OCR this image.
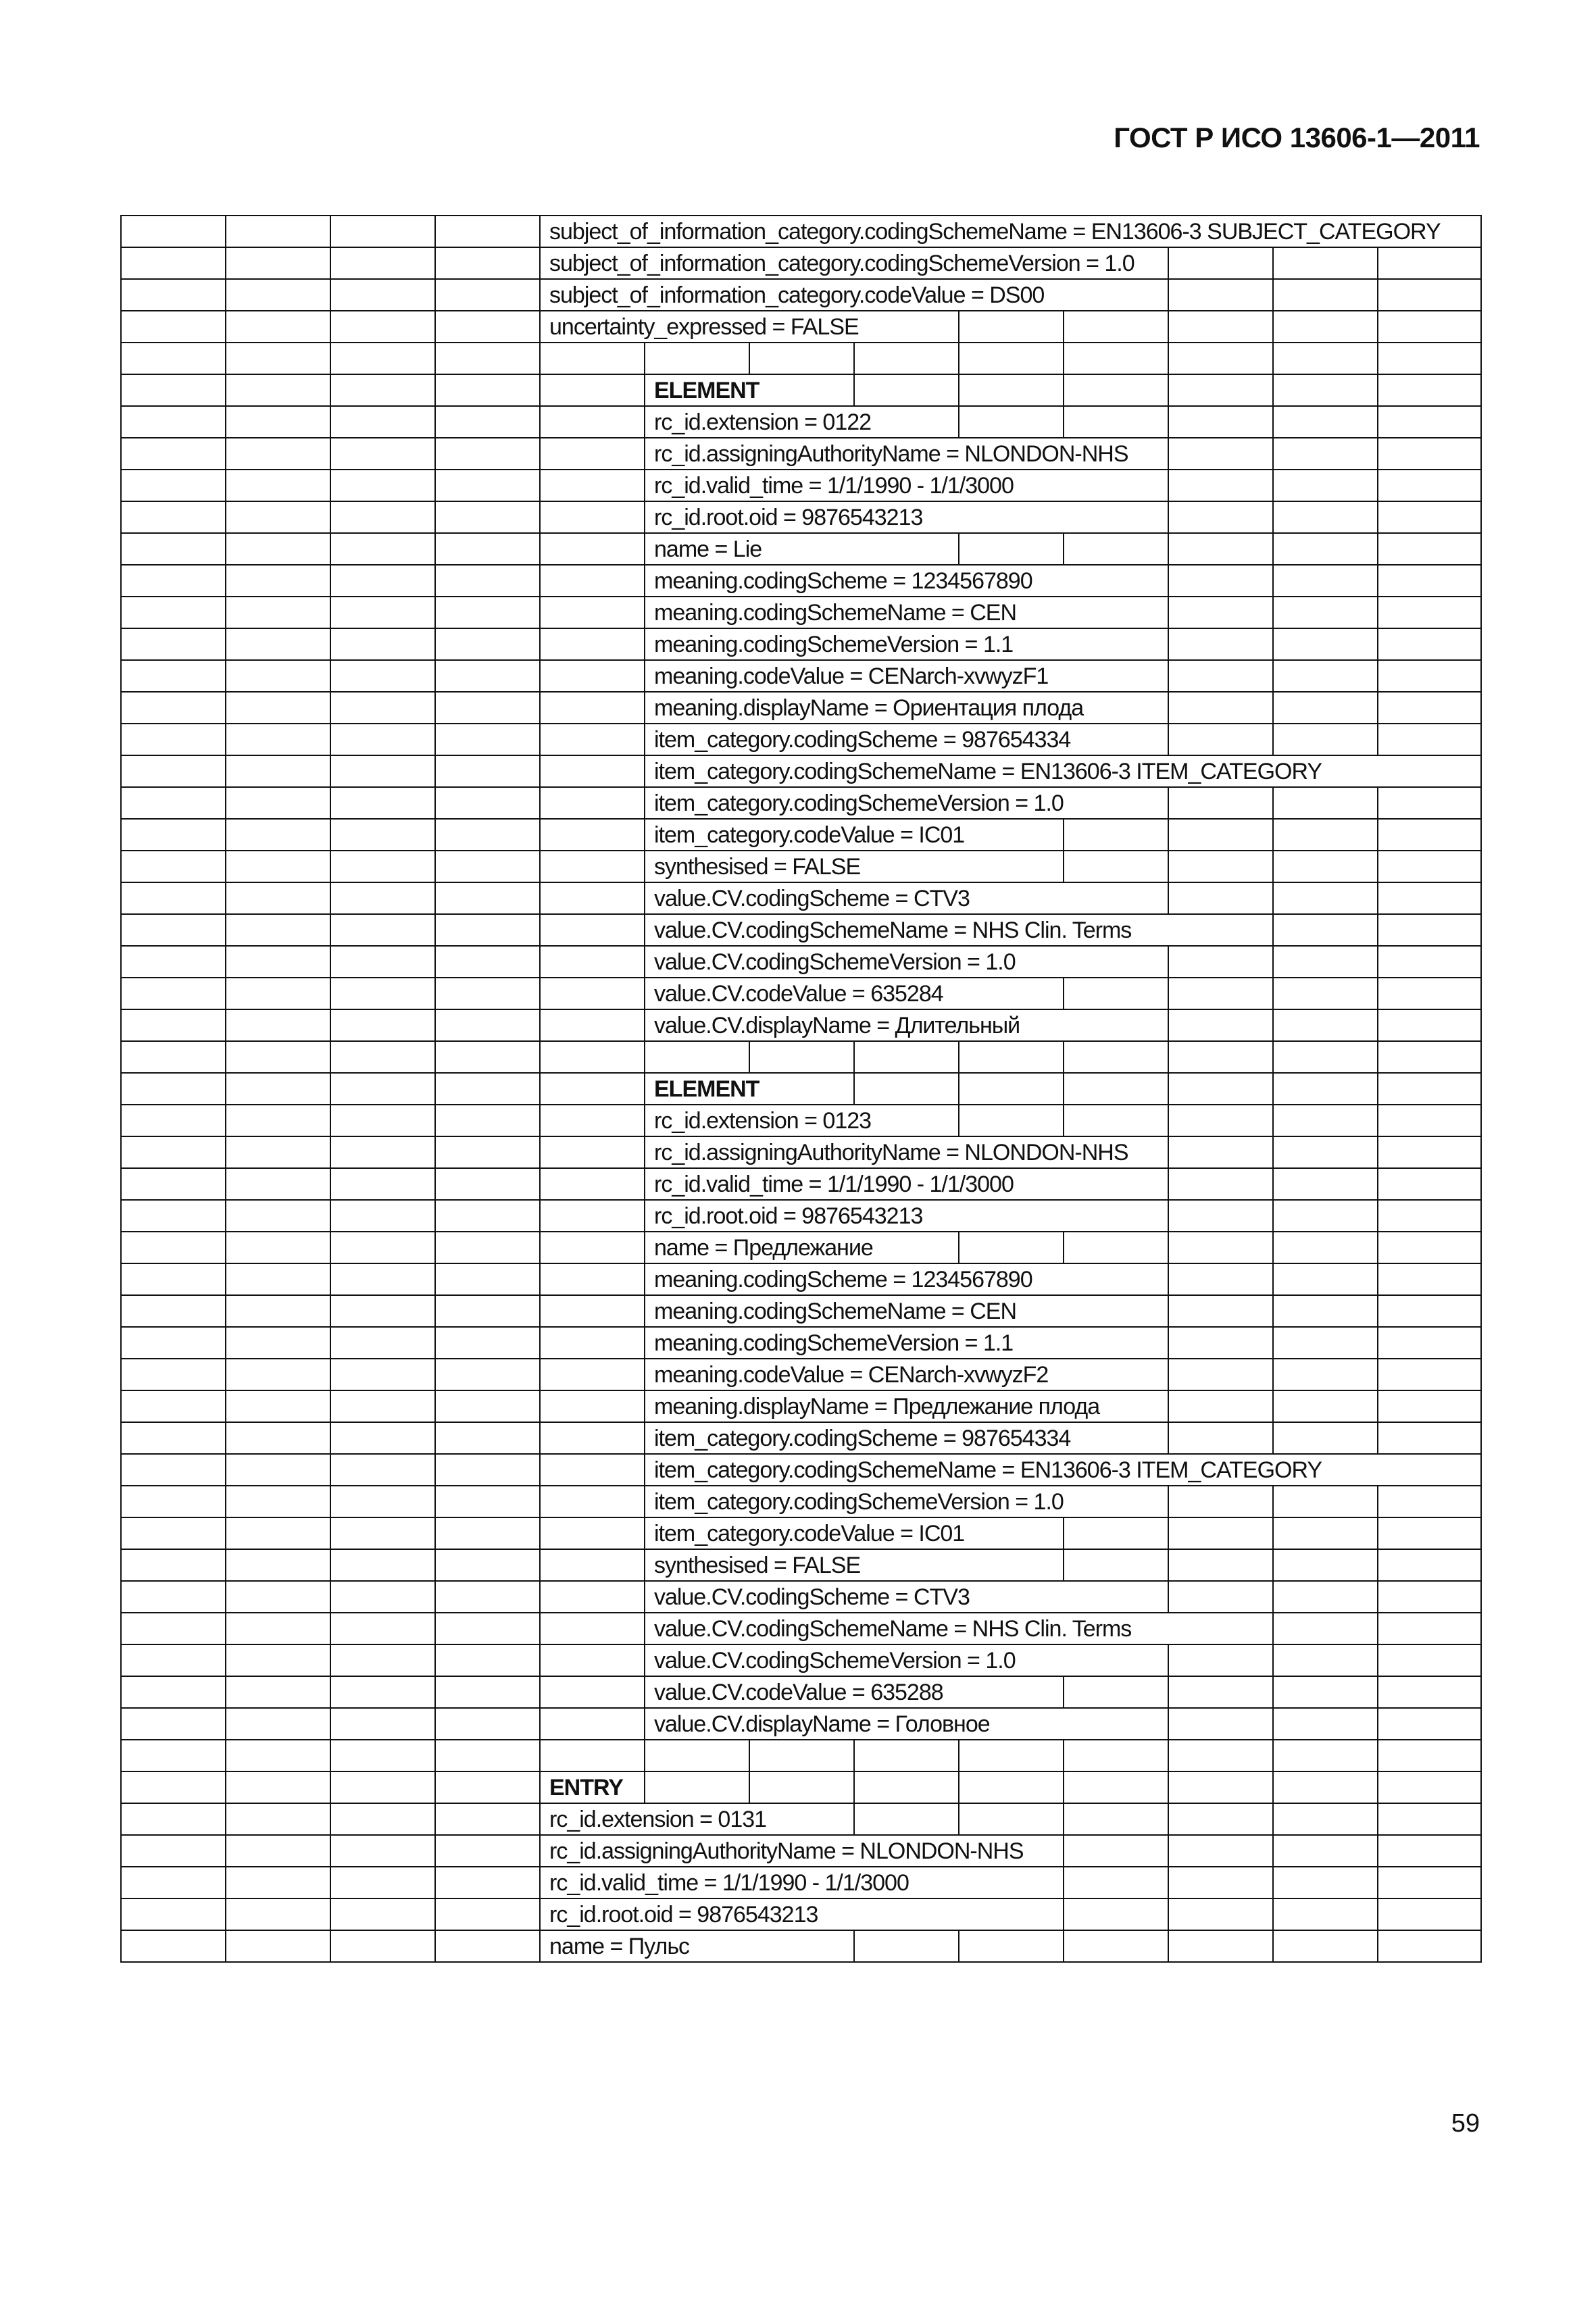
ГОСТ Р ИСО 13606-1—2011
				subject_of_information_category.codingSchemeName = EN13606-3 SUBJECT_CATEGORY								
				subject_of_information_category.codingSchemeVersion = 1.0								
				subject_of_information_category.codeValue = DS00								
				uncertainty_expressed = FALSE								

					ELEMENT							
					rc_id.extension = 0122							
					rc_id.assigningAuthorityName = NLONDON-NHS							
					rc_id.valid_time = 1/1/1990 - 1/1/3000							
					rc_id.root.oid = 9876543213							
					name = Lie							
					meaning.codingScheme = 1234567890							
					meaning.codingSchemeName = CEN							
					meaning.codingSchemeVersion = 1.1							
					meaning.codeValue = CENarch-xvwyzF1							
					meaning.displayName = Ориентация плода							
					item_category.codingScheme = 987654334							
					item_category.codingSchemeName = EN13606-3 ITEM_CATEGORY							
					item_category.codingSchemeVersion = 1.0							
					item_category.codeValue = IC01							
					synthesised = FALSE							
					value.CV.codingScheme = CTV3							
					value.CV.codingSchemeName = NHS Clin. Terms							
					value.CV.codingSchemeVersion = 1.0							
					value.CV.codeValue = 635284							
					value.CV.displayName = Длительный							

					ELEMENT							
					rc_id.extension = 0123							
					rc_id.assigningAuthorityName = NLONDON-NHS							
					rc_id.valid_time = 1/1/1990 - 1/1/3000							
					rc_id.root.oid = 9876543213							
					name = Предлежание							
					meaning.codingScheme = 1234567890							
					meaning.codingSchemeName = CEN							
					meaning.codingSchemeVersion = 1.1							
					meaning.codeValue = CENarch-xvwyzF2							
					meaning.displayName = Предлежание плода							
					item_category.codingScheme = 987654334							
					item_category.codingSchemeName = EN13606-3 ITEM_CATEGORY							
					item_category.codingSchemeVersion = 1.0							
					item_category.codeValue = IC01							
					synthesised = FALSE							
					value.CV.codingScheme = CTV3							
					value.CV.codingSchemeName = NHS Clin. Terms							
					value.CV.codingSchemeVersion = 1.0							
					value.CV.codeValue = 635288							
					value.CV.displayName = Головное							

				ENTRY								
				rc_id.extension = 0131								
				rc_id.assigningAuthorityName = NLONDON-NHS								
				rc_id.valid_time = 1/1/1990 - 1/1/3000								
				rc_id.root.oid = 9876543213								
				name = Пульс								
59
